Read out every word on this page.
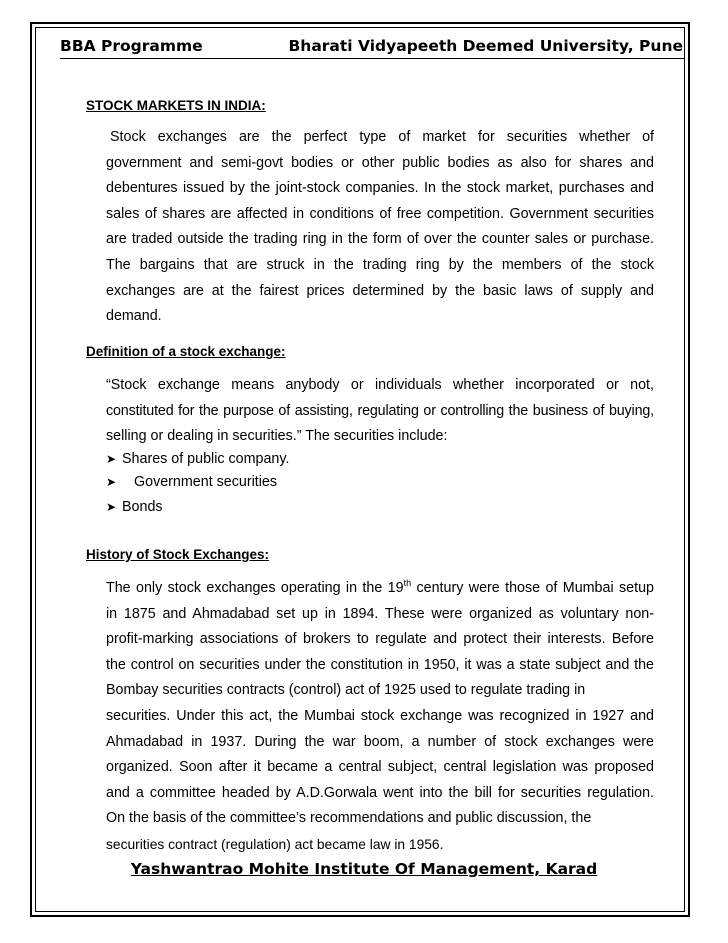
BBA Programme	Bharati Vidyapeeth Deemed University, Pune
STOCK MARKETS IN INDIA:
Stock exchanges are the perfect type of market for securities whether of
government and semi-govt bodies or other public bodies as also for shares and
debentures issued by the joint-stock companies. In the stock market, purchases and
sales of shares are affected in conditions of free competition. Government securities
are traded outside the trading ring in the form of over the counter sales or purchase.
The bargains that are struck in the trading ring by the members of the stock
exchanges are at the fairest prices determined by the basic laws of supply and
demand.
Definition of a stock exchange:
“Stock exchange means anybody or individuals whether incorporated or not,
constituted for the purpose of assisting, regulating or controlling the business of buying,
selling or dealing in securities.” The securities include:
➤ Shares of public company.
➤ Government securities
➤ Bonds
History of Stock Exchanges:
The only stock exchanges operating in the 19th century were those of Mumbai setup
in 1875 and Ahmadabad set up in 1894. These were organized as voluntary non-
profit-marking associations of brokers to regulate and protect their interests. Before
the control on securities under the constitution in 1950, it was a state subject and the
Bombay securities contracts (control) act of 1925 used to regulate trading in
securities. Under this act, the Mumbai stock exchange was recognized in 1927 and
Ahmadabad in 1937. During the war boom, a number of stock exchanges were
organized. Soon after it became a central subject, central legislation was proposed
and a committee headed by A.D.Gorwala went into the bill for securities regulation.
On the basis of the committee’s recommendations and public discussion, the
securities contract (regulation) act became law in 1956.
Yashwantrao Mohite Institute Of Management, Karad
